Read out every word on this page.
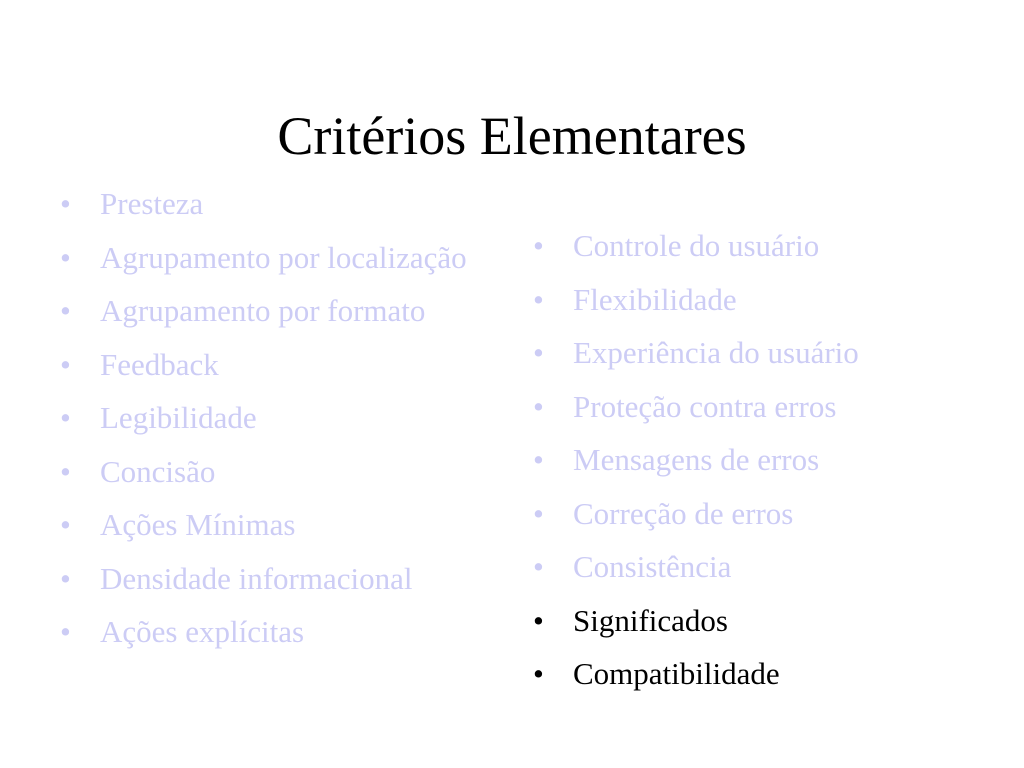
Critérios Elementares
• Presteza
• Agrupamento por localização
• Agrupamento por formato
• Feedback
• Legibilidade
• Concisão
• Ações Mínimas
• Densidade informacional
• Ações explícitas
• Controle do usuário
• Flexibilidade
• Experiência do usuário
• Proteção contra erros
• Mensagens de erros
• Correção de erros
• Consistência
• Significados
• Compatibilidade
